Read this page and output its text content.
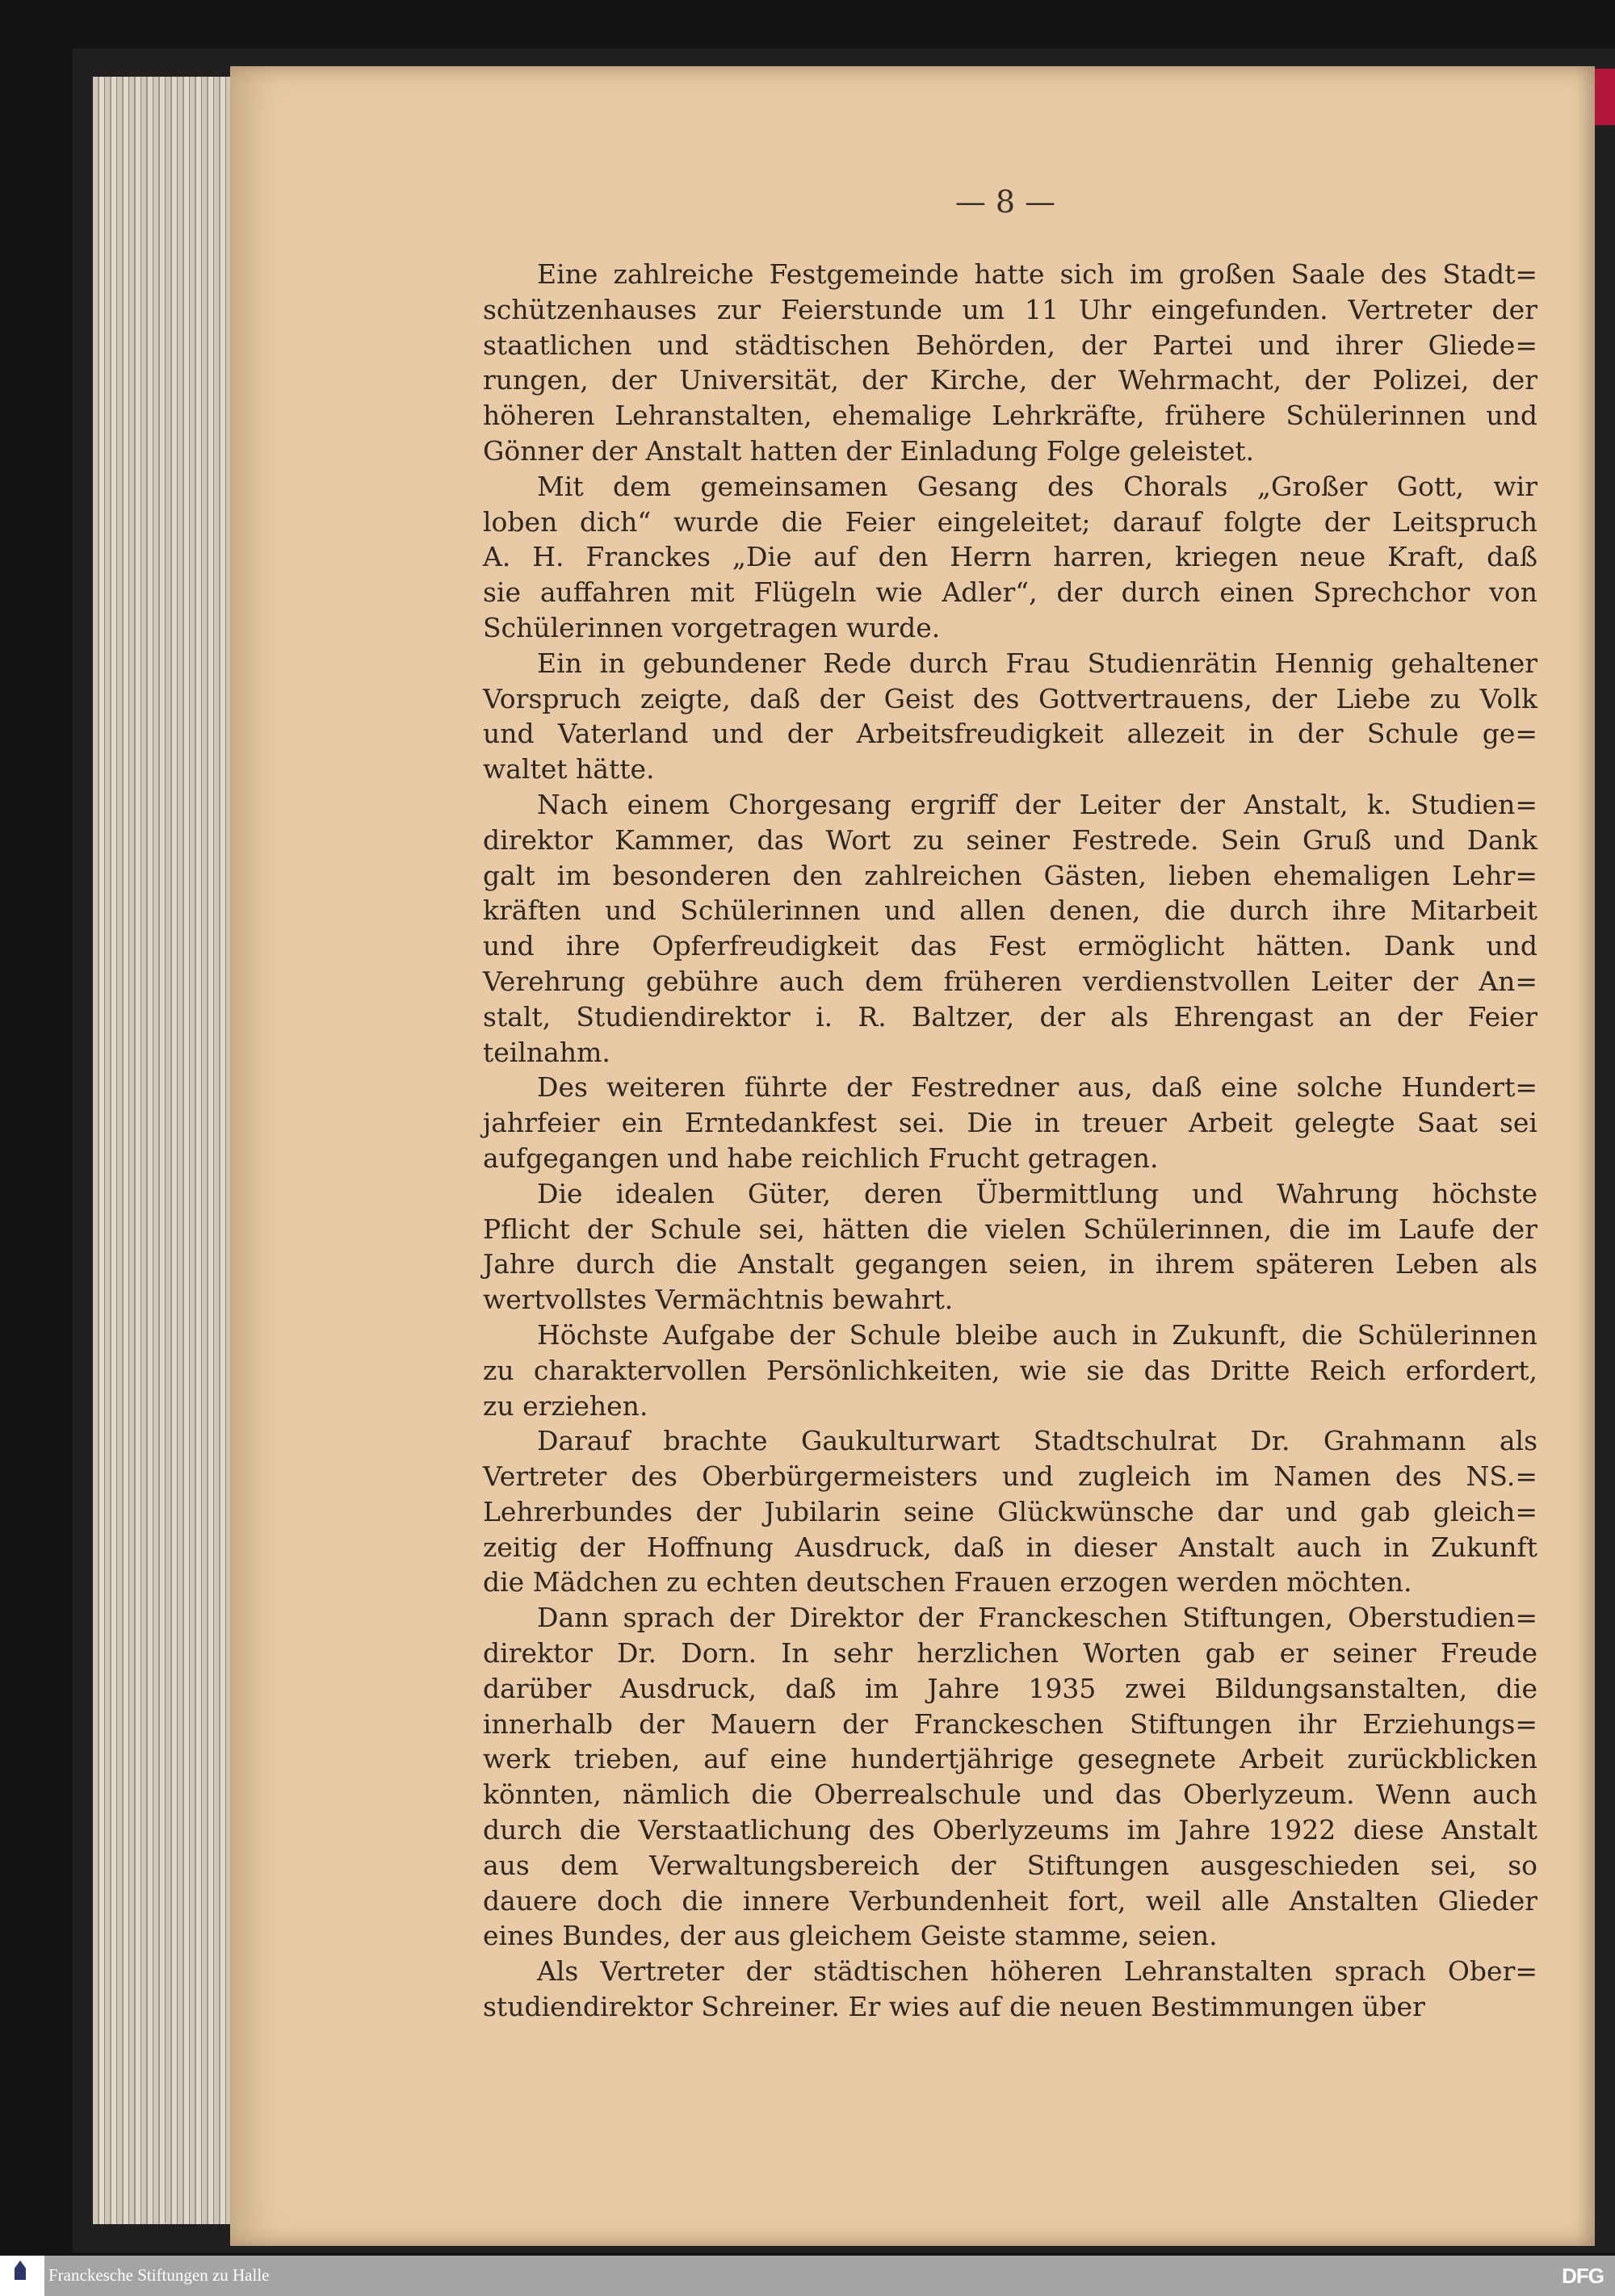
— 8 —
Eine zahlreiche Festgemeinde hatte sich im großen Saale des Stadt=
schützenhauses zur Feierstunde um 11 Uhr eingefunden. Vertreter der
staatlichen und städtischen Behörden, der Partei und ihrer Gliede=
rungen, der Universität, der Kirche, der Wehrmacht, der Polizei, der
höheren Lehranstalten, ehemalige Lehrkräfte, frühere Schülerinnen und
Gönner der Anstalt hatten der Einladung Folge geleistet.
Mit dem gemeinsamen Gesang des Chorals „Großer Gott, wir
loben dich“ wurde die Feier eingeleitet; darauf folgte der Leitspruch
A. H. Franckes „Die auf den Herrn harren, kriegen neue Kraft, daß
sie auffahren mit Flügeln wie Adler“, der durch einen Sprechchor von
Schülerinnen vorgetragen wurde.
Ein in gebundener Rede durch Frau Studienrätin Hennig gehaltener
Vorspruch zeigte, daß der Geist des Gottvertrauens, der Liebe zu Volk
und Vaterland und der Arbeitsfreudigkeit allezeit in der Schule ge=
waltet hätte.
Nach einem Chorgesang ergriff der Leiter der Anstalt, k. Studien=
direktor Kammer, das Wort zu seiner Festrede. Sein Gruß und Dank
galt im besonderen den zahlreichen Gästen, lieben ehemaligen Lehr=
kräften und Schülerinnen und allen denen, die durch ihre Mitarbeit
und ihre Opferfreudigkeit das Fest ermöglicht hätten. Dank und
Verehrung gebühre auch dem früheren verdienstvollen Leiter der An=
stalt, Studiendirektor i. R. Baltzer, der als Ehrengast an der Feier
teilnahm.
Des weiteren führte der Festredner aus, daß eine solche Hundert=
jahrfeier ein Erntedankfest sei. Die in treuer Arbeit gelegte Saat sei
aufgegangen und habe reichlich Frucht getragen.
Die idealen Güter, deren Übermittlung und Wahrung höchste
Pflicht der Schule sei, hätten die vielen Schülerinnen, die im Laufe der
Jahre durch die Anstalt gegangen seien, in ihrem späteren Leben als
wertvollstes Vermächtnis bewahrt.
Höchste Aufgabe der Schule bleibe auch in Zukunft, die Schülerinnen
zu charaktervollen Persönlichkeiten, wie sie das Dritte Reich erfordert,
zu erziehen.
Darauf brachte Gaukulturwart Stadtschulrat Dr. Grahmann als
Vertreter des Oberbürgermeisters und zugleich im Namen des NS.=
Lehrerbundes der Jubilarin seine Glückwünsche dar und gab gleich=
zeitig der Hoffnung Ausdruck, daß in dieser Anstalt auch in Zukunft
die Mädchen zu echten deutschen Frauen erzogen werden möchten.
Dann sprach der Direktor der Franckeschen Stiftungen, Oberstudien=
direktor Dr. Dorn. In sehr herzlichen Worten gab er seiner Freude
darüber Ausdruck, daß im Jahre 1935 zwei Bildungsanstalten, die
innerhalb der Mauern der Franckeschen Stiftungen ihr Erziehungs=
werk trieben, auf eine hundertjährige gesegnete Arbeit zurückblicken
könnten, nämlich die Oberrealschule und das Oberlyzeum. Wenn auch
durch die Verstaatlichung des Oberlyzeums im Jahre 1922 diese Anstalt
aus dem Verwaltungsbereich der Stiftungen ausgeschieden sei, so
dauere doch die innere Verbundenheit fort, weil alle Anstalten Glieder
eines Bundes, der aus gleichem Geiste stamme, seien.
Als Vertreter der städtischen höheren Lehranstalten sprach Ober=
studiendirektor Schreiner. Er wies auf die neuen Bestimmungen über
Franckesche Stiftungen zu Halle	DFG
